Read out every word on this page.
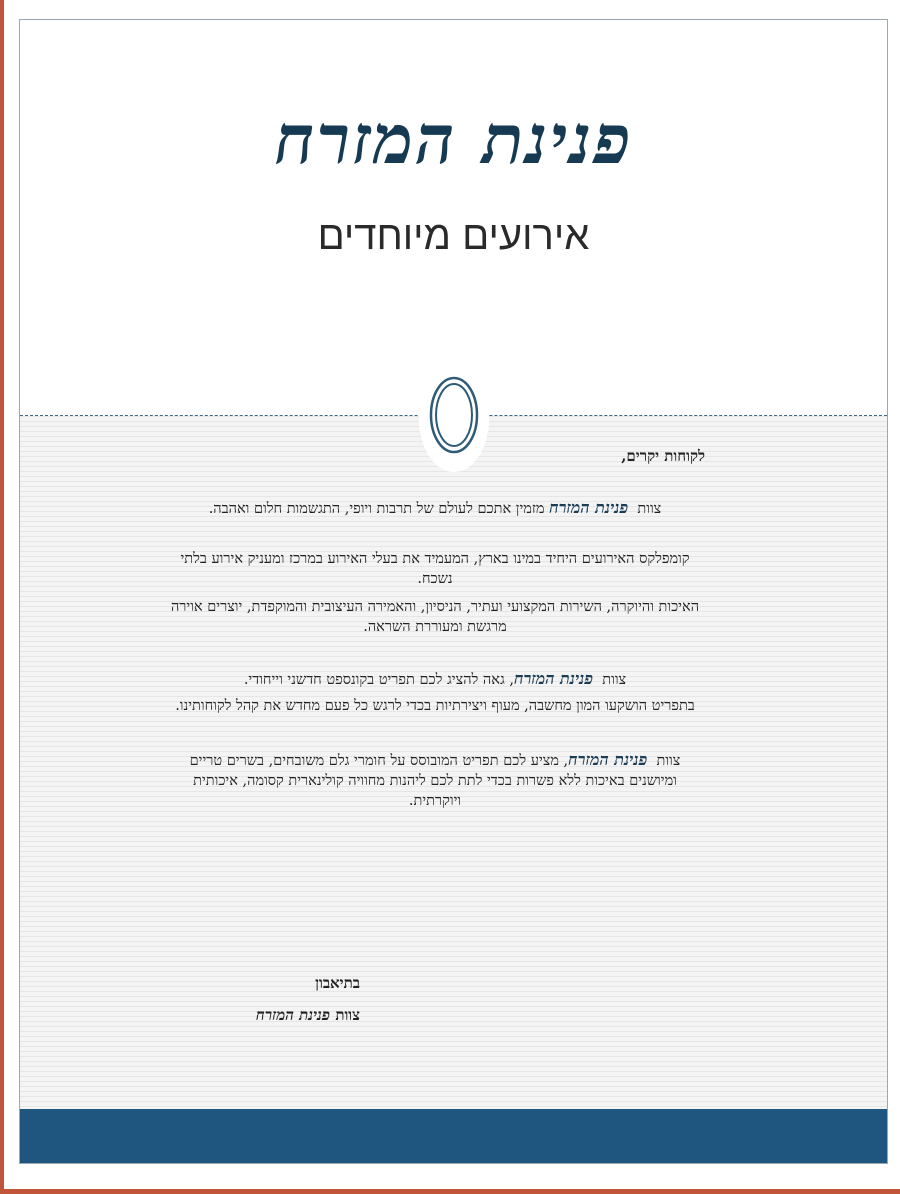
פנינת המזרח
אירועים מיוחדים

לקוחות יקרים,

צוות  פנינת המזרח מזמין אתכם לעולם של תרבות ויופי, התגשמות חלום ואהבה.

קומפלקס האירועים היחיד במינו בארץ, המעמיד את בעלי האירוע במרכז ומעניק אירוע בלתי נשכח.

האיכות והיוקרה, השירות המקצועי ועתיר, הניסיון, והאמירה העיצובית והמוקפדת, יוצרים אוירה מרגשת ומעוררת השראה.

צוות  פנינת המזרח, גאה להציג לכם תפריט בקונספט חדשני וייחודי.

בתפריט הושקעו המון מחשבה, מעוף ויצירתיות בכדי לרגש כל פעם מחדש את קהל לקוחותינו.

צוות  פנינת המזרח, מציע לכם תפריט המובוסס על חומרי גלם משובחים, בשרים טריים ומיושנים באיכות ללא פשרות בכדי לתת לכם ליהנות מחוויה קולינארית קסומה, איכותית ויוקרתית.

בתיאבון
צוות פנינת המזרח
